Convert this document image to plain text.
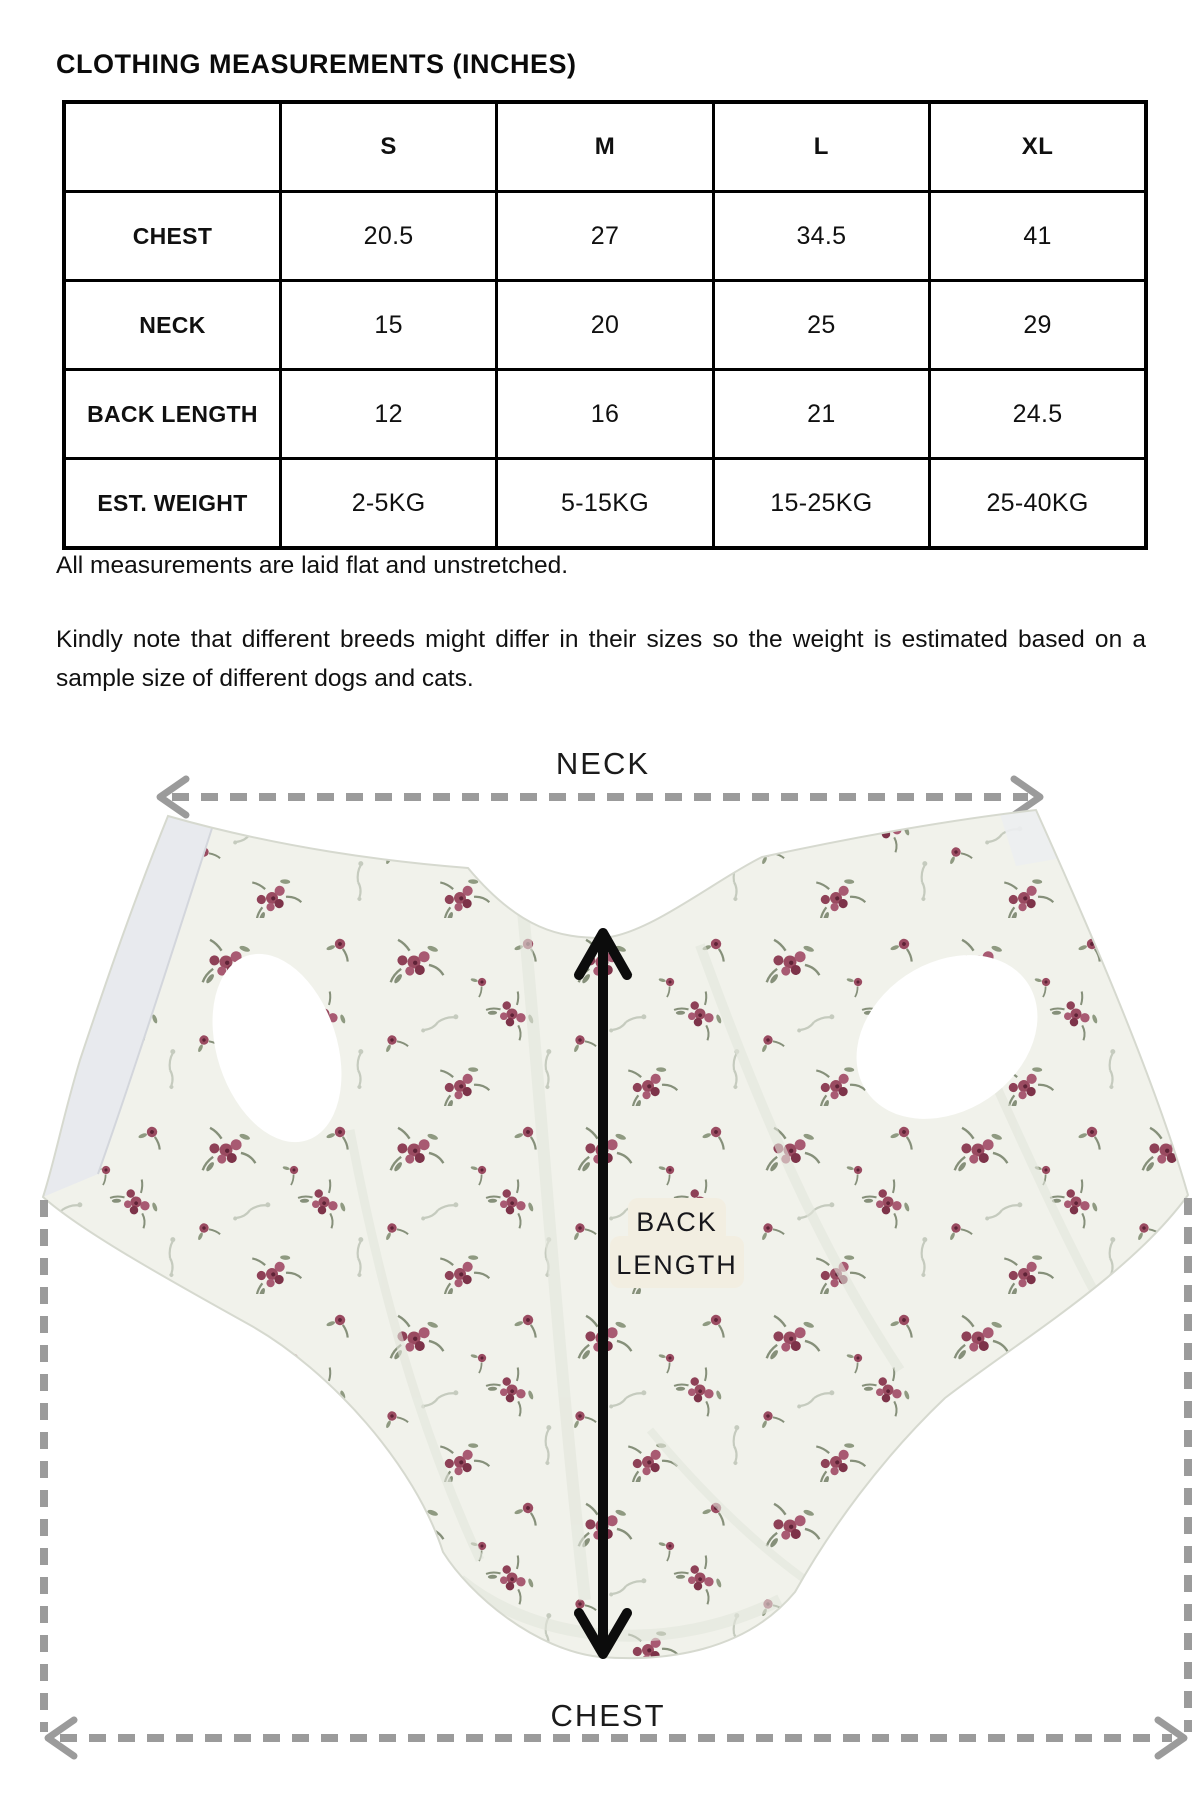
CLOTHING MEASUREMENTS (INCHES)
	S	M	L	XL
CHEST	20.5	27	34.5	41
NECK	15	20	25	29
BACK LENGTH	12	16	21	24.5
EST. WEIGHT	2-5KG	5-15KG	15-25KG	25-40KG

All measurements are laid flat and unstretched.

Kindly note that different breeds might differ in their sizes so the weight is estimated based on a sample size of different dogs and cats.

NECK
BACK
LENGTH
CHEST
